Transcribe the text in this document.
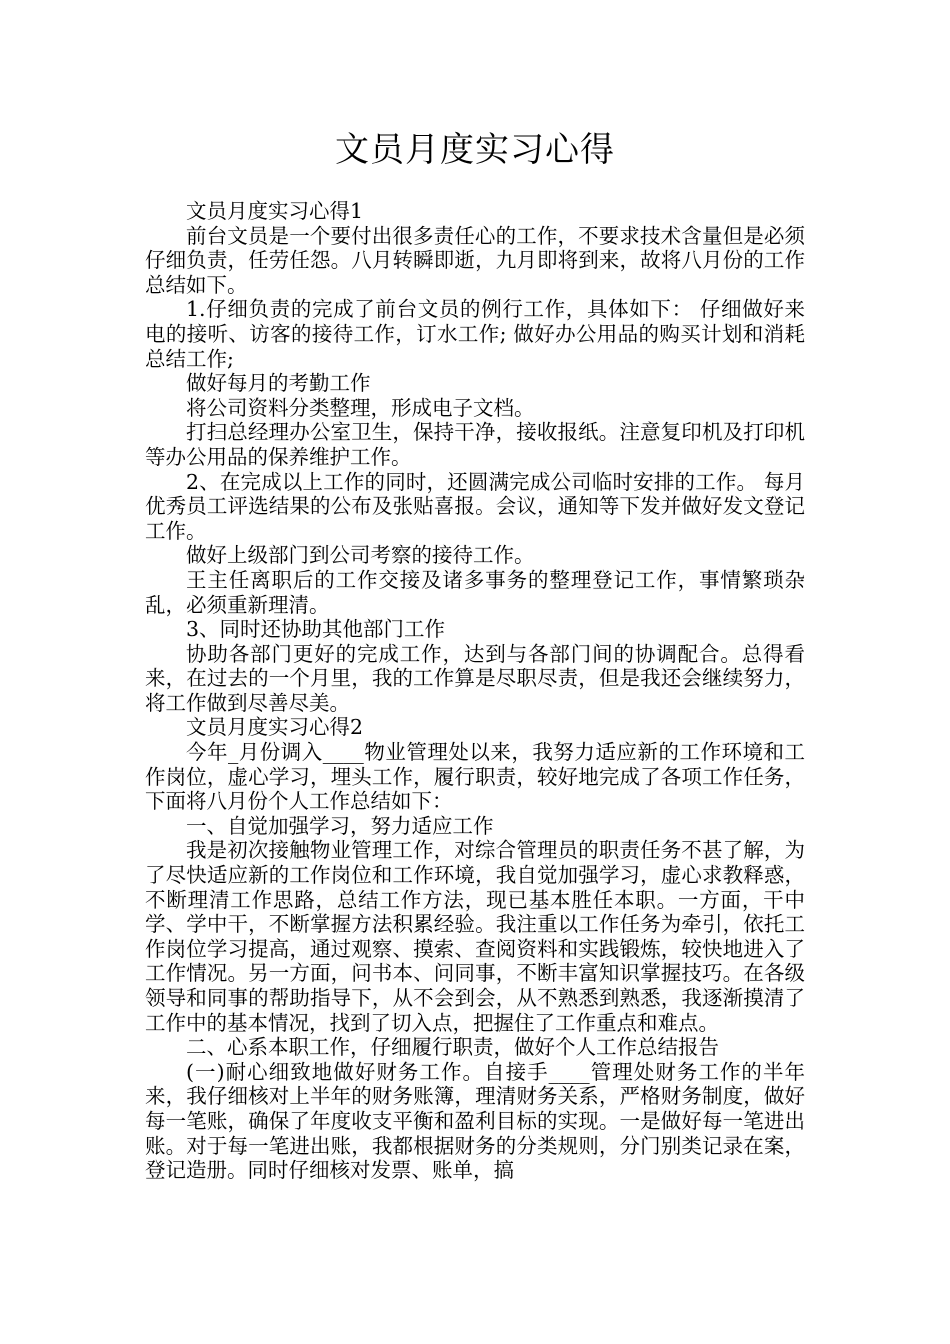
文员月度实习心得

文员月度实习心得1

前台文员是一个要付出很多责任心的工作，不要求技术含量但是必须仔细负责，任劳任怨。八月转瞬即逝，九月即将到来，故将八月份的工作总结如下。

1.仔细负责的完成了前台文员的例行工作，具体如下： 仔细做好来电的接听、访客的接待工作，订水工作; 做好办公用品的购买计划和消耗总结工作;

做好每月的考勤工作

将公司资料分类整理，形成电子文档。

打扫总经理办公室卫生，保持干净，接收报纸。注意复印机及打印机等办公用品的保养维护工作。

2、在完成以上工作的同时，还圆满完成公司临时安排的工作。 每月优秀员工评选结果的公布及张贴喜报。会议，通知等下发并做好发文登记工作。

做好上级部门到公司考察的接待工作。

王主任离职后的工作交接及诸多事务的整理登记工作，事情繁琐杂乱，必须重新理清。

3、同时还协助其他部门工作

协助各部门更好的完成工作，达到与各部门间的协调配合。总得看来，在过去的一个月里，我的工作算是尽职尽责，但是我还会继续努力，将工作做到尽善尽美。

文员月度实习心得2

今年_月份调入____物业管理处以来，我努力适应新的工作环境和工作岗位，虚心学习，埋头工作，履行职责，较好地完成了各项工作任务，下面将八月份个人工作总结如下：

一、自觉加强学习，努力适应工作

我是初次接触物业管理工作，对综合管理员的职责任务不甚了解，为了尽快适应新的工作岗位和工作环境，我自觉加强学习，虚心求教释惑，不断理清工作思路，总结工作方法，现已基本胜任本职。一方面，干中学、学中干，不断掌握方法积累经验。我注重以工作任务为牵引，依托工作岗位学习提高，通过观察、摸索、查阅资料和实践锻炼，较快地进入了工作情况。另一方面，问书本、问同事，不断丰富知识掌握技巧。在各级领导和同事的帮助指导下，从不会到会，从不熟悉到熟悉，我逐渐摸清了工作中的基本情况，找到了切入点，把握住了工作重点和难点。

二、心系本职工作，仔细履行职责，做好个人工作总结报告

(一)耐心细致地做好财务工作。自接手____管理处财务工作的半年来，我仔细核对上半年的财务账簿，理清财务关系，严格财务制度，做好每一笔账，确保了年度收支平衡和盈利目标的实现。一是做好每一笔进出账。对于每一笔进出账，我都根据财务的分类规则，分门别类记录在案，登记造册。同时仔细核对发票、账单，搞
